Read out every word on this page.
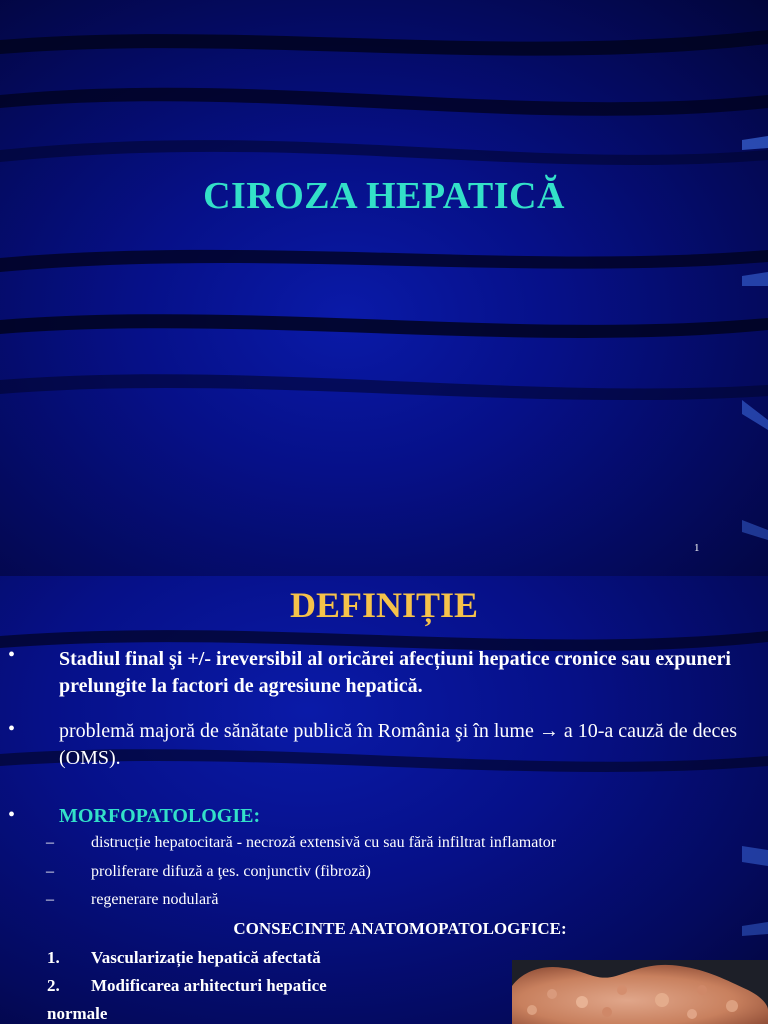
CIROZA HEPATICĂ
1
DEFINIȚIE
• Stadiul final şi +/- ireversibil al oricărei afecțiuni hepatice cronice sau expuneri prelungite la factori de agresiune hepatică.
• problemă majoră de sănătate publică în România şi în lume → a 10-a cauză de deces (OMS).
• MORFOPATOLOGIE:
– distrucție hepatocitară - necroză extensivă cu sau fără infiltrat inflamator
– proliferare difuză a ţes. conjunctiv (fibroză)
– regenerare nodulară
CONSECINTE ANATOMOPATOLOGFICE:
1. Vascularizație hepatică afectată
2. Modificarea arhitecturi hepatice
normale
